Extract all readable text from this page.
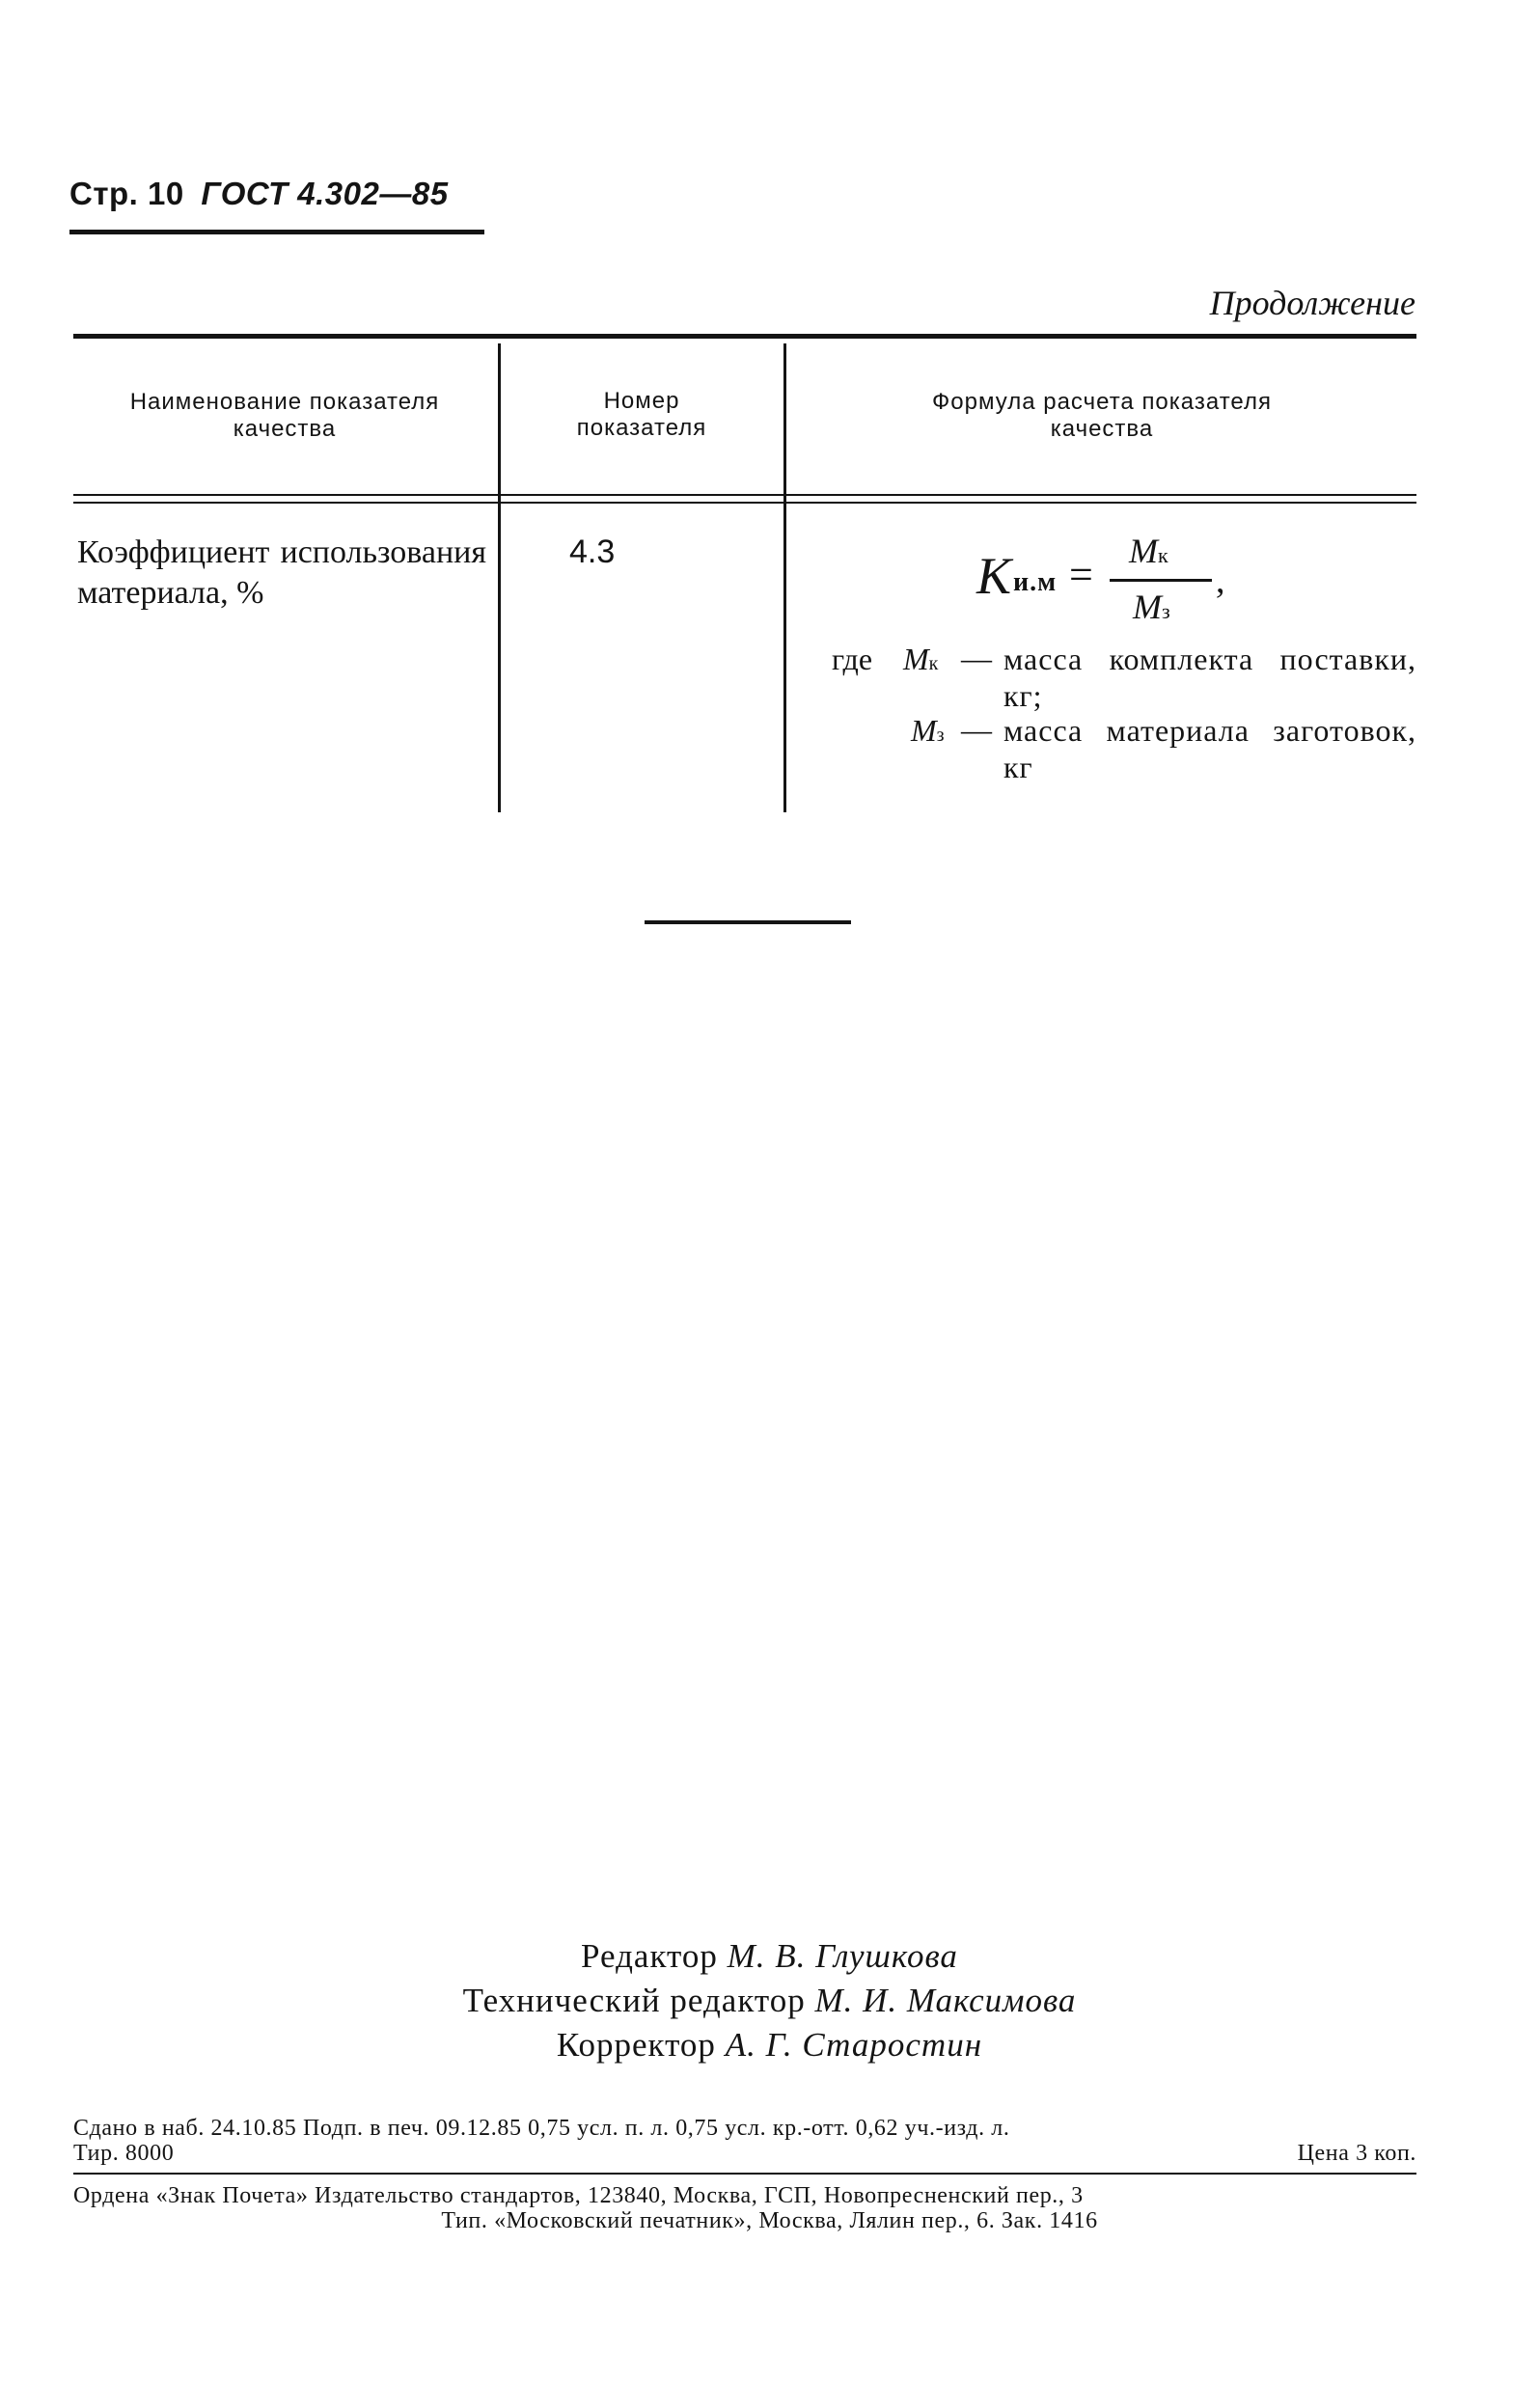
Стр. 10 ГОСТ 4.302—85
Продолжение
Наименование показателя
качества
Номер
показателя
Формула расчета показателя
качества
Коэффициент использования материала, %
4.3	K и.м = Mк
Mз
,
где Mк — масса комплекта поставки, кг;
Mз — масса материала заготовок, кг
Редактор М. В. Глушкова
Технический редактор М. И. Максимова
Корректор А. Г. Старостин
Сдано в наб. 24.10.85 Подп. в печ. 09.12.85 0,75 усл. п. л. 0,75 усл. кр.-отт. 0,62 уч.-изд. л.
Тир. 8000	Цена 3 коп.
Ордена «Знак Почета» Издательство стандартов, 123840, Москва, ГСП, Новопресненский пер., 3
Тип. «Московский печатник», Москва, Лялин пер., 6. Зак. 1416
